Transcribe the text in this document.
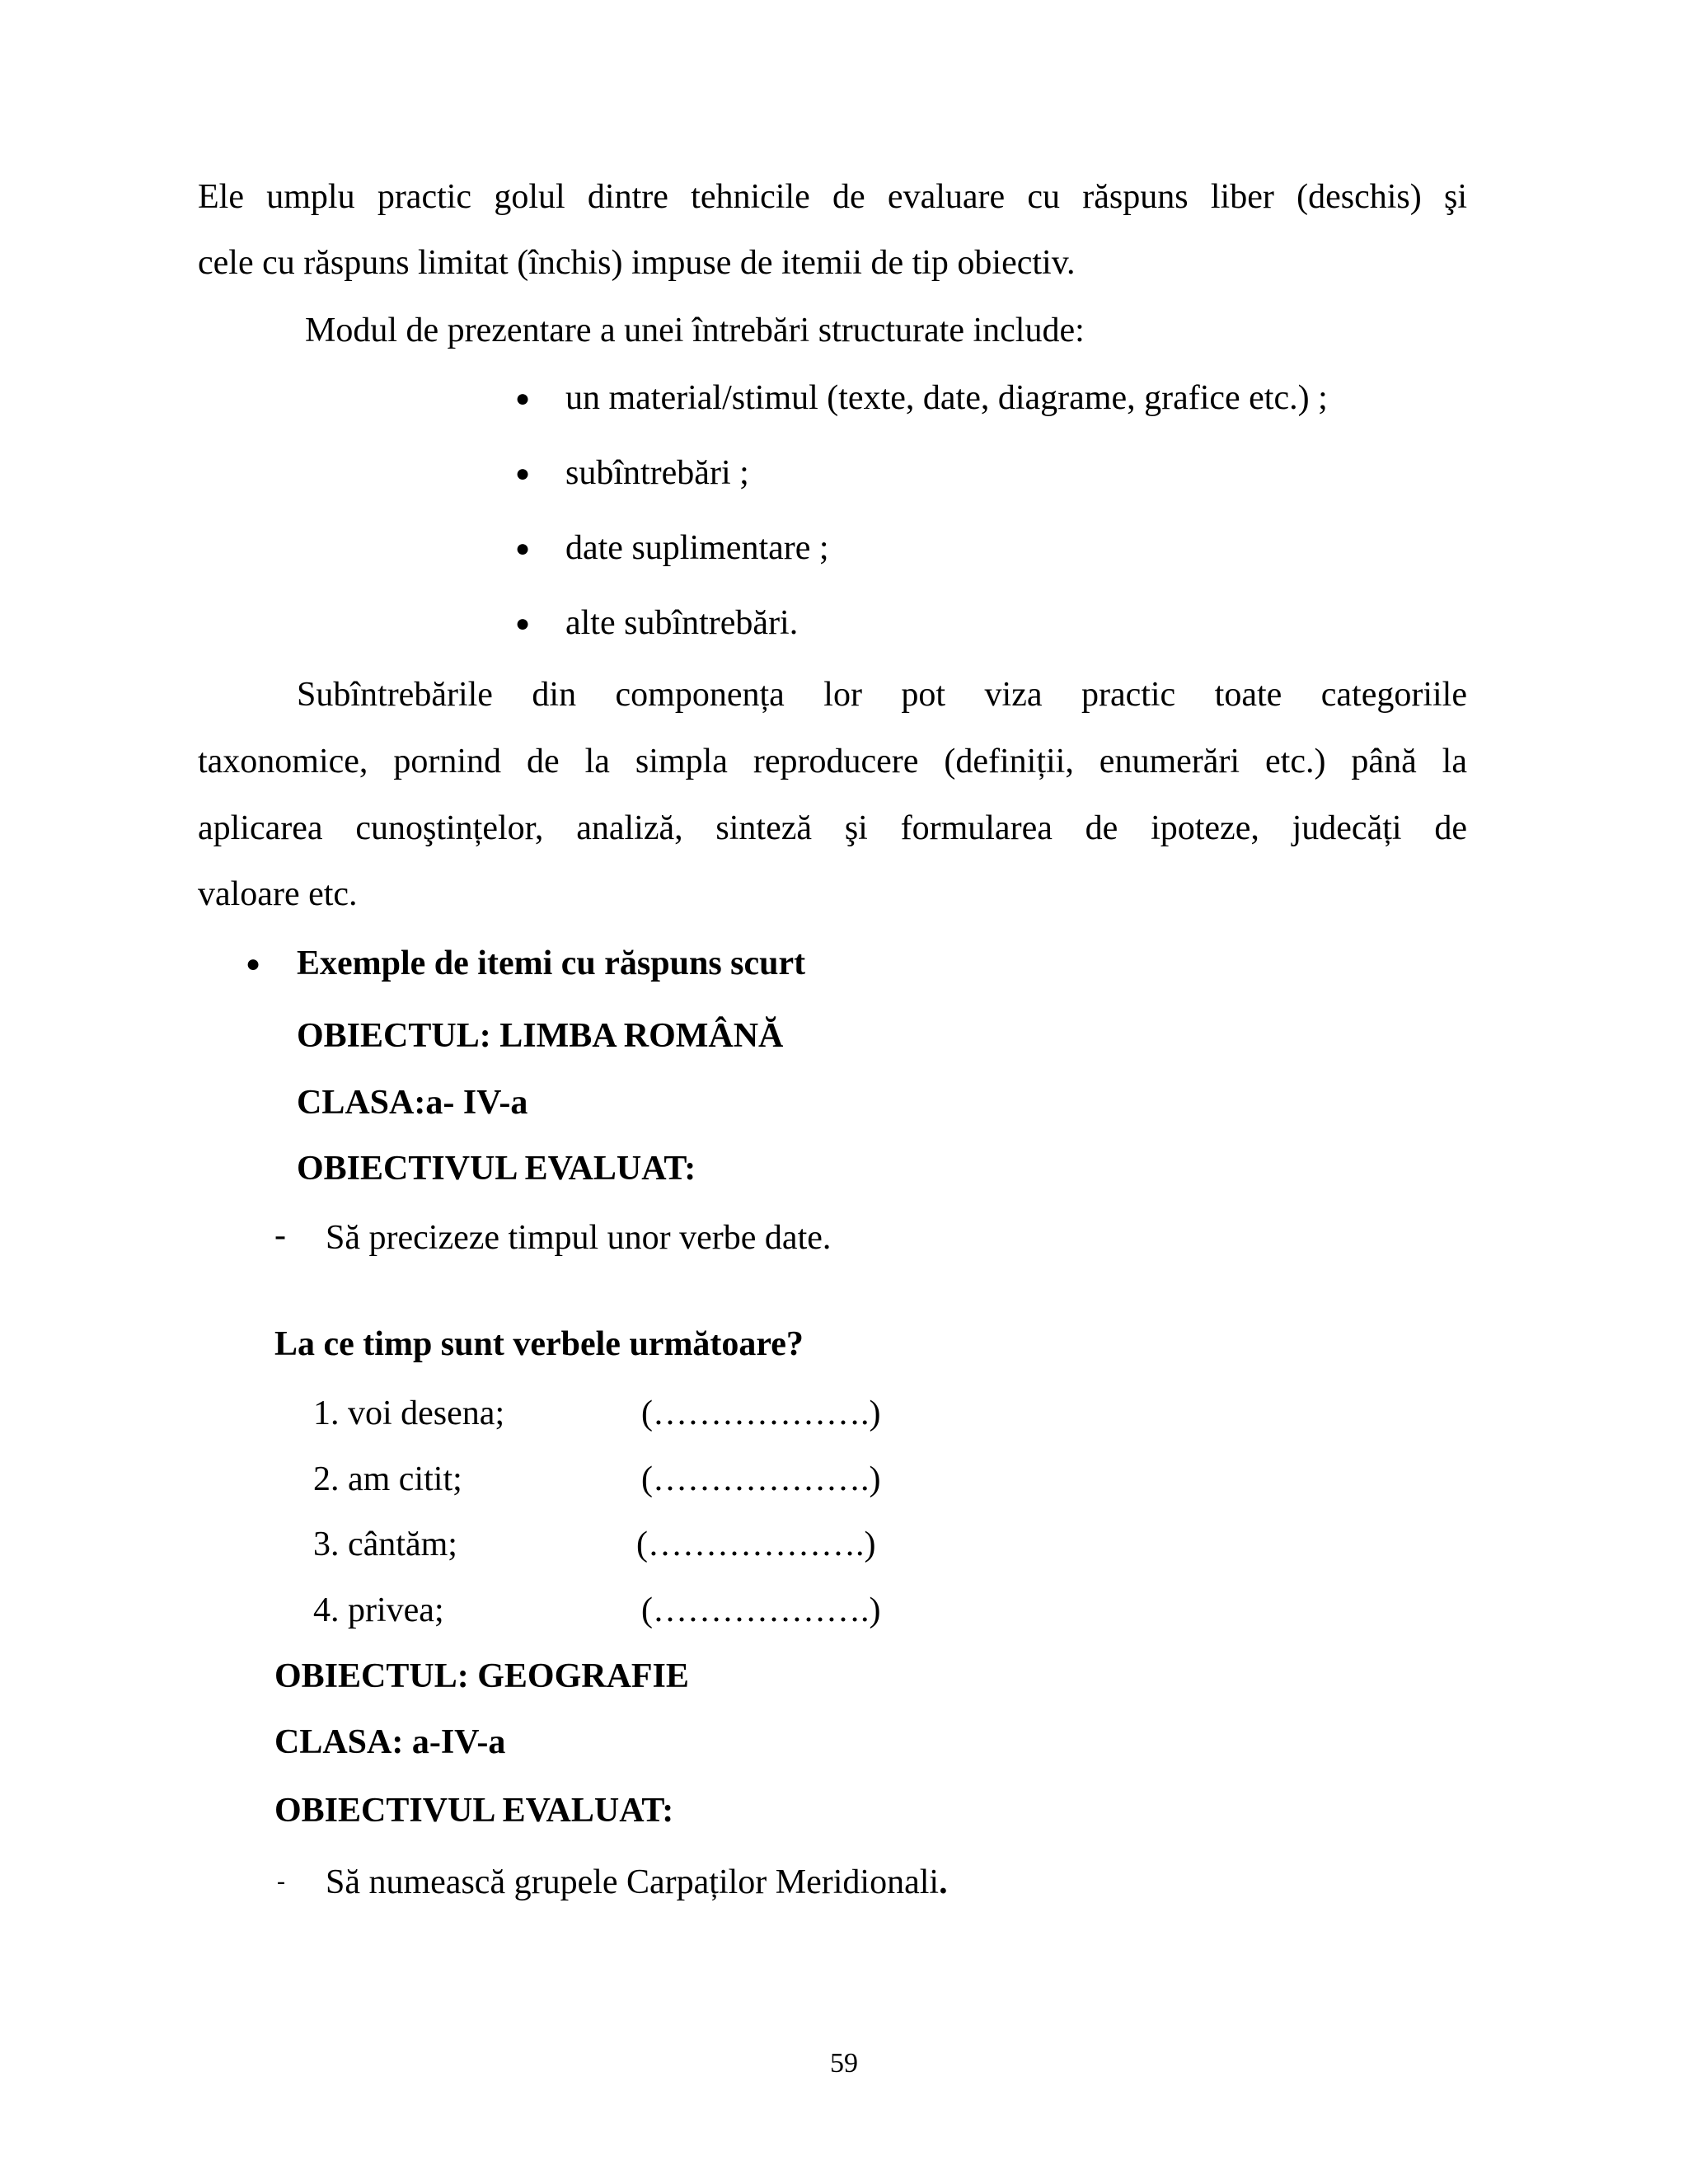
Ele umplu practic golul dintre tehnicile de evaluare cu răspuns liber (deschis) şi
cele cu răspuns limitat (închis) impuse de itemii de tip obiectiv.
Modul de prezentare a unei întrebări structurate include:
● un material/stimul (texte, date, diagrame, grafice etc.) ;
● subîntrebări ;
● date suplimentare ;
● alte subîntrebări.
Subîntrebările din componența lor pot viza practic toate categoriile
taxonomice, pornind de la simpla reproducere (definiții, enumerări etc.) până la
aplicarea cunoştințelor, analiză, sinteză şi formularea de ipoteze, judecăți de
valoare etc.
● Exemple de itemi cu răspuns scurt
OBIECTUL: LIMBA ROMÂNĂ
CLASA:a- IV-a
OBIECTIVUL EVALUAT:
- Să precizeze timpul unor verbe date.
La ce timp sunt verbele următoare?
1. voi desena;	(……………….)
2. am citit;	(……………….)
3. cântăm;	(……………….)
4. privea;	(……………….)
OBIECTUL: GEOGRAFIE
CLASA: a-IV-a
OBIECTIVUL EVALUAT:
- Să numească grupele Carpaților Meridionali.
59
